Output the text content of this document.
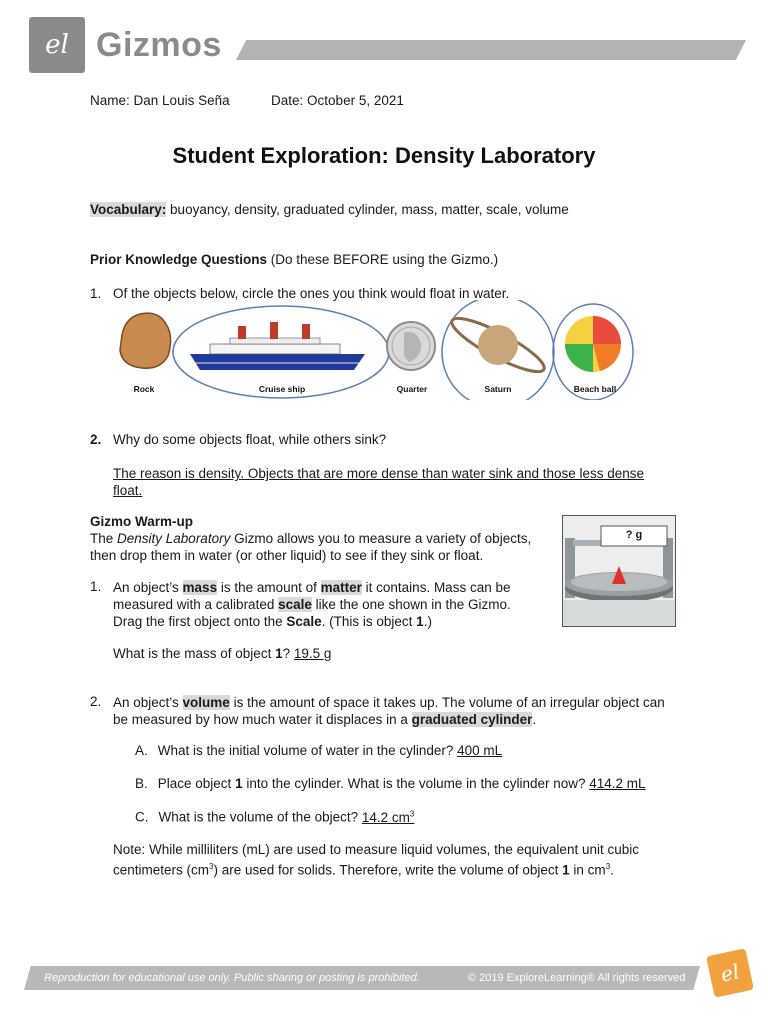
el Gizmos
Name: Dan Louis Seña	Date: October 5, 2021
Student Exploration: Density Laboratory
Vocabulary: buoyancy, density, graduated cylinder, mass, matter, scale, volume
Prior Knowledge Questions (Do these BEFORE using the Gizmo.)
1. Of the objects below, circle the ones you think would float in water.
Rock	Cruise ship	Quarter	Saturn	Beach ball
2. Why do some objects float, while others sink?
The reason is density. Objects that are more dense than water sink and those less dense float.
Gizmo Warm-up
The Density Laboratory Gizmo allows you to measure a variety of objects, then drop them in water (or other liquid) to see if they sink or float.
? g
1. An object’s mass is the amount of matter it contains. Mass can be measured with a calibrated scale like the one shown in the Gizmo. Drag the first object onto the Scale. (This is object 1.)
What is the mass of object 1? 19.5 g
2. An object’s volume is the amount of space it takes up. The volume of an irregular object can be measured by how much water it displaces in a graduated cylinder.
A. What is the initial volume of water in the cylinder? 400 mL
B. Place object 1 into the cylinder. What is the volume in the cylinder now? 414.2 mL
C. What is the volume of the object? 14.2 $cm^3$
Note: While milliliters (mL) are used to measure liquid volumes, the equivalent unit cubic centimeters $(cm^3)$ are used for solids. Therefore, write the volume of object 1 in $cm^3$.
Reproduction for educational use only. Public sharing or posting is prohibited.	© 2019 ExploreLearning® All rights reserved el
